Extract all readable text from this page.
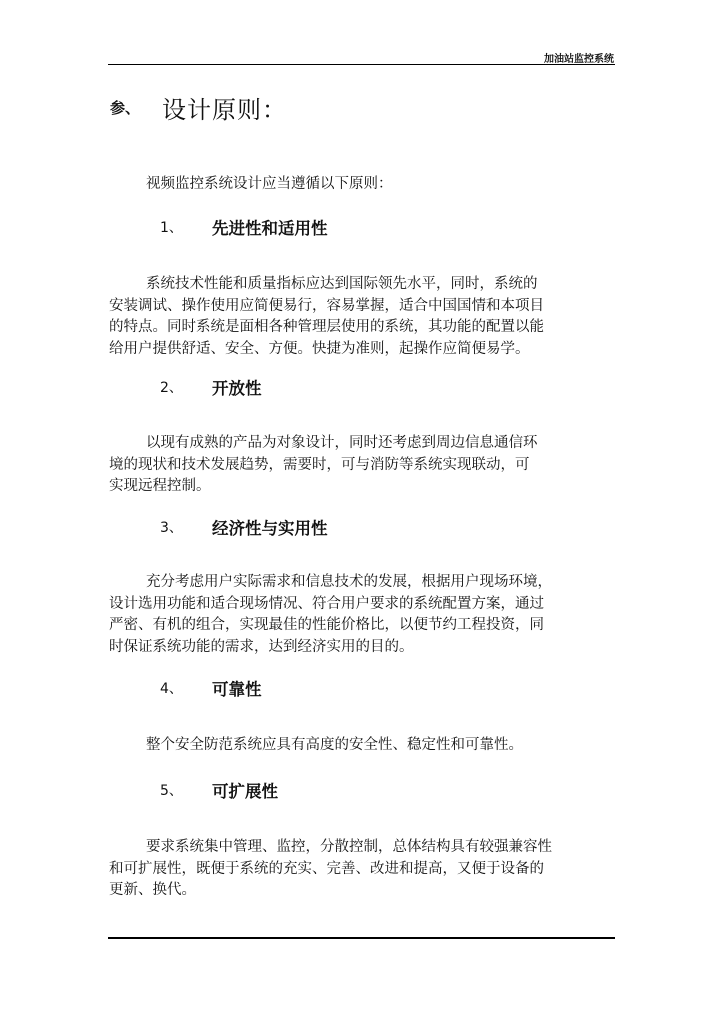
加油站监控系统
参、 设计原则：
视频监控系统设计应当遵循以下原则：
1、	先进性和适用性
系统技术性能和质量指标应达到国际领先水平，同时，系统的
安装调试、操作使用应简便易行，容易掌握，适合中国国情和本项目
的特点。同时系统是面相各种管理层使用的系统，其功能的配置以能
给用户提供舒适、安全、方便。快捷为准则，起操作应简便易学。
2、	开放性
以现有成熟的产品为对象设计，同时还考虑到周边信息通信环
境的现状和技术发展趋势，需要时，可与消防等系统实现联动，可
实现远程控制。
3、	经济性与实用性
充分考虑用户实际需求和信息技术的发展，根据用户现场环境，
设计选用功能和适合现场情况、符合用户要求的系统配置方案，通过
严密、有机的组合，实现最佳的性能价格比，以便节约工程投资，同
时保证系统功能的需求，达到经济实用的目的。
4、	可靠性
整个安全防范系统应具有高度的安全性、稳定性和可靠性。
5、	可扩展性
要求系统集中管理、监控，分散控制，总体结构具有较强兼容性
和可扩展性，既便于系统的充实、完善、改进和提高，又便于设备的
更新、换代。
